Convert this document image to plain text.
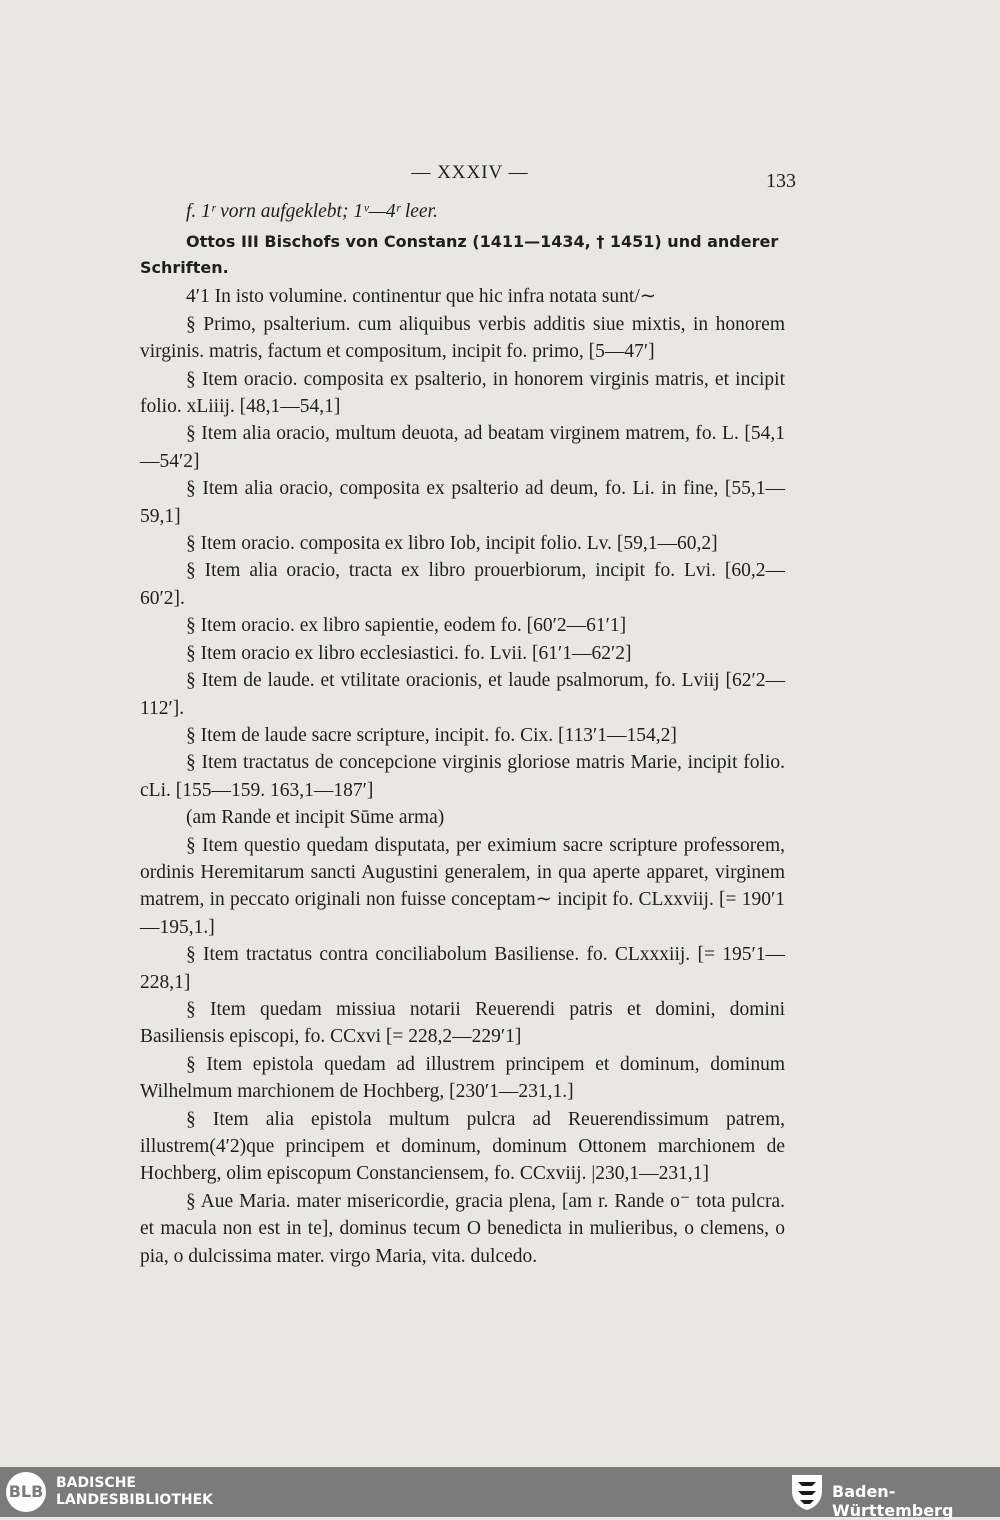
— XXXIV —	133

f. 1ʳ vorn aufgeklebt; 1ᵛ—4ʳ leer.

Ottos III Bischofs von Constanz (1411—1434, † 1451) und anderer Schriften.

4′1 In isto volumine. continentur que hic infra notata sunt/∼

§ Primo, psalterium. cum aliquibus verbis additis siue mixtis, in honorem virginis. matris, factum et compositum, incipit fo. primo, [5—47′]

§ Item oracio. composita ex psalterio, in honorem virginis matris, et incipit folio. xLiiij. [48,1—54,1]

§ Item alia oracio, multum deuota, ad beatam virginem matrem, fo. L. [54,1—54′2]

§ Item alia oracio, composita ex psalterio ad deum, fo. Li. in fine, [55,1—59,1]

§ Item oracio. composita ex libro Iob, incipit folio. Lv. [59,1—60,2]

§ Item alia oracio, tracta ex libro prouerbiorum, incipit fo. Lvi. [60,2—60′2].

§ Item oracio. ex libro sapientie, eodem fo. [60′2—61′1]

§ Item oracio ex libro ecclesiastici. fo. Lvii. [61′1—62′2]

§ Item de laude. et vtilitate oracionis, et laude psalmorum, fo. Lviij [62′2—112′].

§ Item de laude sacre scripture, incipit. fo. Cix. [113′1—154,2]

§ Item tractatus de concepcione virginis gloriose matris Marie, incipit folio. cLi. [155—159. 163,1—187′]

(am Rande et incipit Sūme arma)

§ Item questio quedam disputata, per eximium sacre scripture professorem, ordinis Heremitarum sancti Augustini generalem, in qua aperte apparet, virginem matrem, in peccato originali non fuisse conceptam∼ incipit fo. CLxxviij. [= 190′1—195,1.]

§ Item tractatus contra conciliabolum Basiliense. fo. CLxxxiij. [= 195′1—228,1]

§ Item quedam missiua notarii Reuerendi patris et domini, domini Basiliensis episcopi, fo. CCxvi [= 228,2—229′1]

§ Item epistola quedam ad illustrem principem et dominum, dominum Wilhelmum marchionem de Hochberg, [230′1—231,1.]

§ Item alia epistola multum pulcra ad Reuerendissimum patrem, illustrem(4′2)que principem et dominum, dominum Ottonem marchionem de Hochberg, olim episcopum Constanciensem, fo. CCxviij. |230,1—231,1]

§ Aue Maria. mater misericordie, gracia plena, [am r. Rande o⁻ tota pulcra. et macula non est in te], dominus tecum O benedicta in mulieribus, o clemens, o pia, o dulcissima mater. virgo Maria, vita. dulcedo.

BLB BADISCHE
LANDESBIBLIOTHEK	Baden-Württemberg
